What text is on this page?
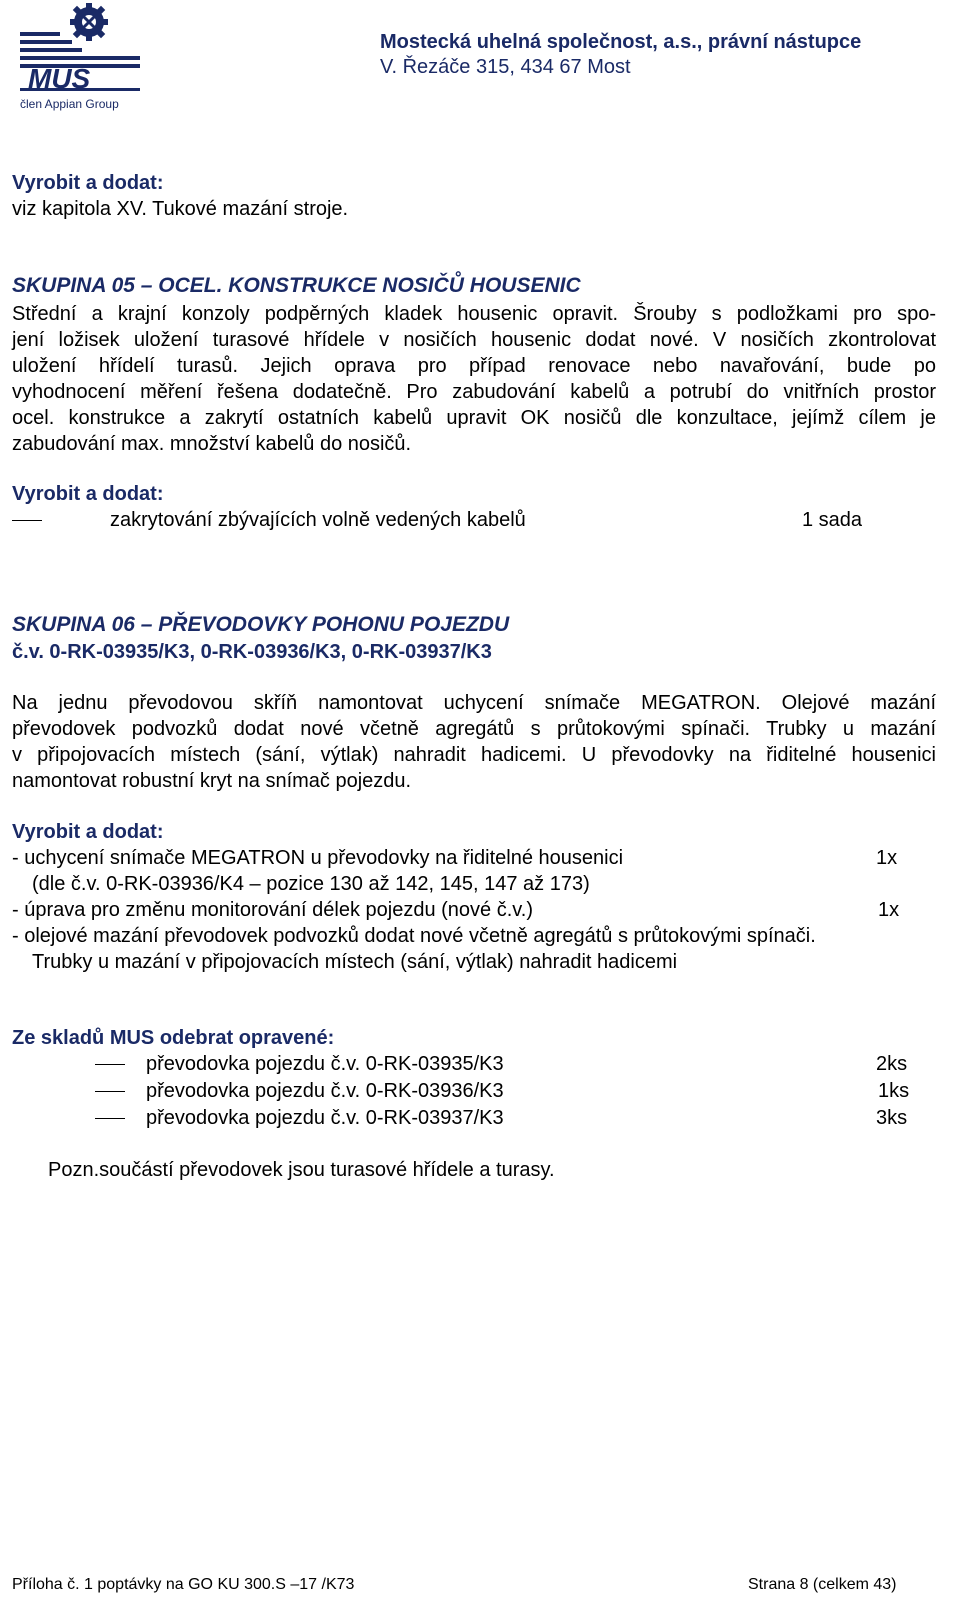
MUS
člen Appian Group
Mostecká uhelná společnost, a.s., právní nástupce
V. Řezáče 315, 434 67 Most
Vyrobit a dodat:
viz kapitola XV. Tukové mazání stroje.
SKUPINA 05 – OCEL. KONSTRUKCE NOSIČŮ HOUSENIC
Střední a krajní konzoly podpěrných kladek housenic opravit. Šrouby s podložkami pro spo-
jení ložisek uložení turasové hřídele v nosičích housenic dodat nové. V nosičích zkontrolovat
uložení hřídelí turasů. Jejich oprava pro případ renovace nebo navařování, bude po
vyhodnocení měření řešena dodatečně. Pro zabudování kabelů a potrubí do vnitřních prostor
ocel. konstrukce a zakrytí ostatních kabelů upravit OK nosičů dle konzultace, jejímž cílem je
zabudování max. množství kabelů do nosičů.
Vyrobit a dodat:
zakrytování zbývajících volně vedených kabelů	1 sada
SKUPINA 06 – PŘEVODOVKY POHONU POJEZDU
č.v. 0-RK-03935/K3, 0-RK-03936/K3, 0-RK-03937/K3
Na jednu převodovou skříň namontovat uchycení snímače MEGATRON. Olejové mazání
převodovek podvozků dodat nové včetně agregátů s průtokovými spínači. Trubky u mazání
v připojovacích místech (sání, výtlak) nahradit hadicemi. U převodovky na řiditelné housenici
namontovat robustní kryt na snímač pojezdu.
Vyrobit a dodat:
- uchycení snímače MEGATRON u převodovky na řiditelné housenici	1x
(dle č.v. 0-RK-03936/K4 – pozice 130 až 142, 145, 147 až 173)
- úprava pro změnu monitorování délek pojezdu (nové č.v.)	1x
- olejové mazání převodovek podvozků dodat nové včetně agregátů s průtokovými spínači.
Trubky u mazání v připojovacích místech (sání, výtlak) nahradit hadicemi
Ze skladů MUS odebrat opravené:
převodovka pojezdu č.v. 0-RK-03935/K3	2ks
převodovka pojezdu č.v. 0-RK-03936/K3	1ks
převodovka pojezdu č.v. 0-RK-03937/K3	3ks
Pozn.součástí převodovek jsou turasové hřídele a turasy.
Příloha č. 1 poptávky na GO KU 300.S –17 /K73	Strana 8 (celkem 43)
